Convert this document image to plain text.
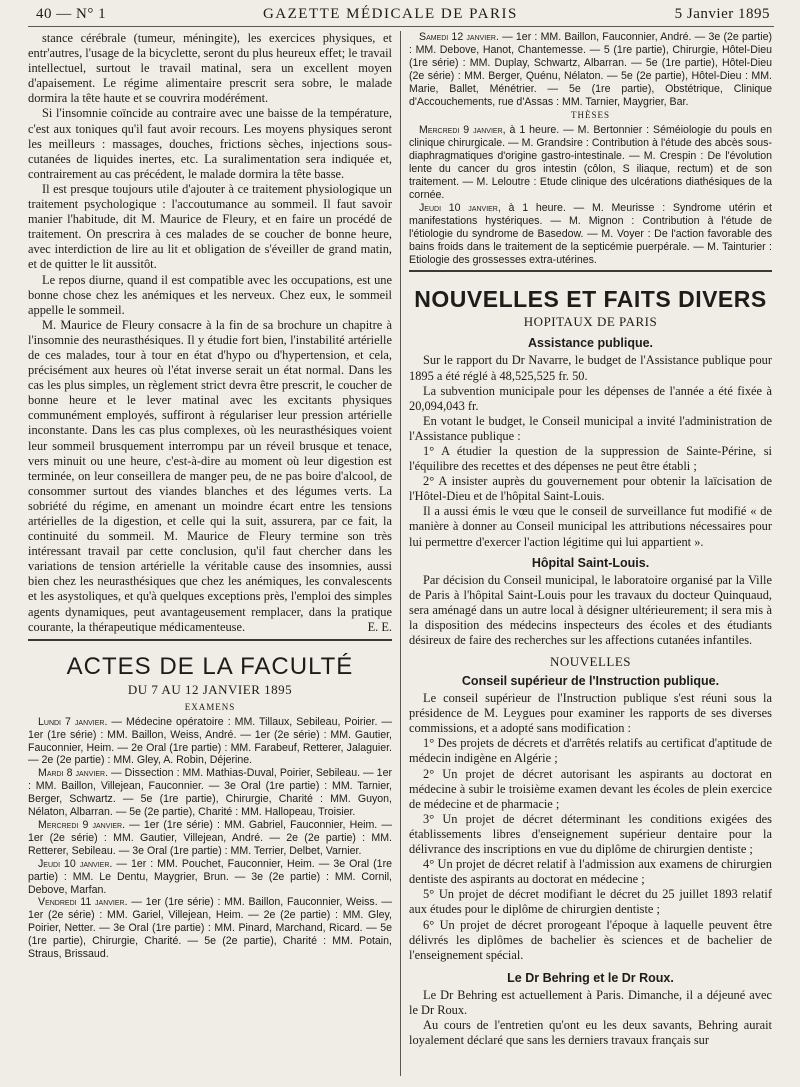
40 — N° 1	GAZETTE MÉDICALE DE PARIS	5 Janvier 1895

stance cérébrale (tumeur, méningite), les exercices physiques, et entr'autres, l'usage de la bicyclette, seront du plus heureux effet; le travail intellectuel, surtout le travail matinal, sera un excellent moyen d'apaisement. Le régime alimentaire prescrit sera sobre, le malade dormira la tête haute et se couvrira modérément.

Si l'insomnie coïncide au contraire avec une baisse de la température, c'est aux toniques qu'il faut avoir recours. Les moyens physiques seront les meilleurs : massages, douches, frictions sèches, injections sous-cutanées de liquides inertes, etc. La suralimentation sera indiquée et, contrairement au cas précédent, le malade dormira la tête basse.

Il est presque toujours utile d'ajouter à ce traitement physiologique un traitement psychologique : l'accoutumance au sommeil. Il faut savoir manier l'habitude, dit M. Maurice de Fleury, et en faire un procédé de traitement. On prescrira à ces malades de se coucher de bonne heure, avec interdiction de lire au lit et obligation de s'éveiller de grand matin, et de quitter le lit aussitôt.

Le repos diurne, quand il est compatible avec les occupations, est une bonne chose chez les anémiques et les nerveux. Chez eux, le sommeil appelle le sommeil.

M. Maurice de Fleury consacre à la fin de sa brochure un chapitre à l'insomnie des neurasthésiques. Il y étudie fort bien, l'instabilité artérielle de ces malades, tour à tour en état d'hypo ou d'hypertension, et cela, précisément aux heures où l'état inverse serait un état normal. Dans les cas les plus simples, un règlement strict devra être prescrit, le coucher de bonne heure et le lever matinal avec les excitants physiques communément employés, suffiront à régulariser leur pression artérielle inconstante. Dans les cas plus complexes, où les neurasthésiques voient leur sommeil brusquement interrompu par un réveil brusque et tenace, vers minuit ou une heure, c'est-à-dire au moment où leur digestion est terminée, on leur conseillera de manger peu, de ne pas boire d'alcool, de consommer surtout des viandes blanches et des légumes verts. La sobriété du régime, en amenant un moindre écart entre les tensions artérielles de la digestion, et celle qui la suit, assurera, par ce fait, la continuité du sommeil. M. Maurice de Fleury termine son très intéressant travail par cette conclusion, qu'il faut chercher dans les variations de tension artérielle la véritable cause des insomnies, aussi bien chez les neurasthésiques que chez les anémiques, les convalescents et les asystoliques, et qu'à quelques exceptions près, l'emploi des simples agents dynamiques, peut avantageusement remplacer, dans la pratique courante, la thérapeutique médicamenteuse.	E. E.

ACTES DE LA FACULTÉ
DU 7 AU 12 JANVIER 1895
EXAMENS

Lundi 7 janvier. — Médecine opératoire : MM. Tillaux, Sebileau, Poirier. — 1er (1re série) : MM. Baillon, Weiss, André. — 1er (2e série) : MM. Gautier, Fauconnier, Heim. — 2e Oral (1re partie) : MM. Farabeuf, Retterer, Jalaguier. — 2e (2e partie) : MM. Gley, A. Robin, Déjerine.

Mardi 8 janvier. — Dissection : MM. Mathias-Duval, Poirier, Sebileau. — 1er : MM. Baillon, Villejean, Fauconnier. — 3e Oral (1re partie) : MM. Tarnier, Berger, Schwartz. — 5e (1re partie), Chirurgie, Charité : MM. Guyon, Nélaton, Albarran. — 5e (2e partie), Charité : MM. Hallopeau, Troisier.

Mercredi 9 janvier. — 1er (1re série) : MM. Gabriel, Fauconnier, Heim. — 1er (2e série) : MM. Gautier, Villejean, André. — 2e (2e partie) : MM. Retterer, Sebileau. — 3e Oral (1re partie) : MM. Terrier, Delbet, Varnier.

Jeudi 10 janvier. — 1er : MM. Pouchet, Fauconnier, Heim. — 3e Oral (1re partie) : MM. Le Dentu, Maygrier, Brun. — 3e (2e partie) : MM. Cornil, Debove, Marfan.

Vendredi 11 janvier. — 1er (1re série) : MM. Baillon, Fauconnier, Weiss. — 1er (2e série) : MM. Gariel, Villejean, Heim. — 2e (2e partie) : MM. Gley, Poirier, Netter. — 3e Oral (1re partie) : MM. Pinard, Marchand, Ricard. — 5e (1re partie), Chirurgie, Charité. — 5e (2e partie), Charité : MM. Potain, Straus, Brissaud.

Samedi 12 janvier. — 1er : MM. Baillon, Fauconnier, André. — 3e (2e partie) : MM. Debove, Hanot, Chantemesse. — 5 (1re partie), Chirurgie, Hôtel-Dieu (1re série) : MM. Duplay, Schwartz, Albarran. — 5e (1re partie), Hôtel-Dieu (2e série) : MM. Berger, Quénu, Nélaton. — 5e (2e partie), Hôtel-Dieu : MM. Marie, Ballet, Ménétrier. — 5e (1re partie), Obstétrique, Clinique d'Accouchements, rue d'Assas : MM. Tarnier, Maygrier, Bar.

THÈSES

Mercredi 9 janvier, à 1 heure. — M. Bertonnier : Séméiologie du pouls en clinique chirurgicale. — M. Grandsire : Contribution à l'étude des abcès sous-diaphragmatiques d'origine gastro-intestinale. — M. Crespin : De l'évolution lente du cancer du gros intestin (côlon, S iliaque, rectum) et de son traitement. — M. Leloutre : Etude clinique des ulcérations diathésiques de la cornée.

Jeudi 10 janvier, à 1 heure. — M. Meurisse : Syndrome utérin et manifestations hystériques. — M. Mignon : Contribution à l'étude de l'étiologie du syndrome de Basedow. — M. Voyer : De l'action favorable des bains froids dans le traitement de la septicémie puerpérale. — M. Tainturier : Etiologie des grossesses extra-utérines.

NOUVELLES ET FAITS DIVERS
HOPITAUX DE PARIS
Assistance publique.

Sur le rapport du Dr Navarre, le budget de l'Assistance publique pour 1895 a été réglé à 48,525,525 fr. 50.

La subvention municipale pour les dépenses de l'année a été fixée à 20,094,043 fr.

En votant le budget, le Conseil municipal a invité l'administration de l'Assistance publique :

1° A étudier la question de la suppression de Sainte-Périne, si l'équilibre des recettes et des dépenses ne peut être établi ;

2° A insister auprès du gouvernement pour obtenir la laïcisation de l'Hôtel-Dieu et de l'hôpital Saint-Louis.

Il a aussi émis le vœu que le conseil de surveillance fut modifié « de manière à donner au Conseil municipal les attributions nécessaires pour lui permettre d'exercer l'action légitime qui lui appartient ».

Hôpital Saint-Louis.

Par décision du Conseil municipal, le laboratoire organisé par la Ville de Paris à l'hôpital Saint-Louis pour les travaux du docteur Quinquaud, sera aménagé dans un autre local à désigner ultérieurement; il sera mis à la disposition des médecins inspecteurs des écoles et des étudiants désireux de faire des recherches sur les affections cutanées infantiles.

NOUVELLES
Conseil supérieur de l'Instruction publique.

Le conseil supérieur de l'Instruction publique s'est réuni sous la présidence de M. Leygues pour examiner les rapports de ses diverses commissions, et a adopté sans modification :

1° Des projets de décrets et d'arrêtés relatifs au certificat d'aptitude de médecin indigène en Algérie ;

2° Un projet de décret autorisant les aspirants au doctorat en médecine à subir le troisième examen devant les écoles de plein exercice de médecine et de pharmacie ;

3° Un projet de décret déterminant les conditions exigées des établissements libres d'enseignement supérieur dentaire pour la délivrance des inscriptions en vue du diplôme de chirurgien dentiste ;

4° Un projet de décret relatif à l'admission aux examens de chirurgien dentiste des aspirants au doctorat en médecine ;

5° Un projet de décret modifiant le décret du 25 juillet 1893 relatif aux études pour le diplôme de chirurgien dentiste ;

6° Un projet de décret prorogeant l'époque à laquelle peuvent être délivrés les diplômes de bachelier ès sciences et de bachelier de l'enseignement spécial.

Le Dr Behring et le Dr Roux.

Le Dr Behring est actuellement à Paris. Dimanche, il a déjeuné avec le Dr Roux.

Au cours de l'entretien qu'ont eu les deux savants, Behring aurait loyalement déclaré que sans les derniers travaux français sur
